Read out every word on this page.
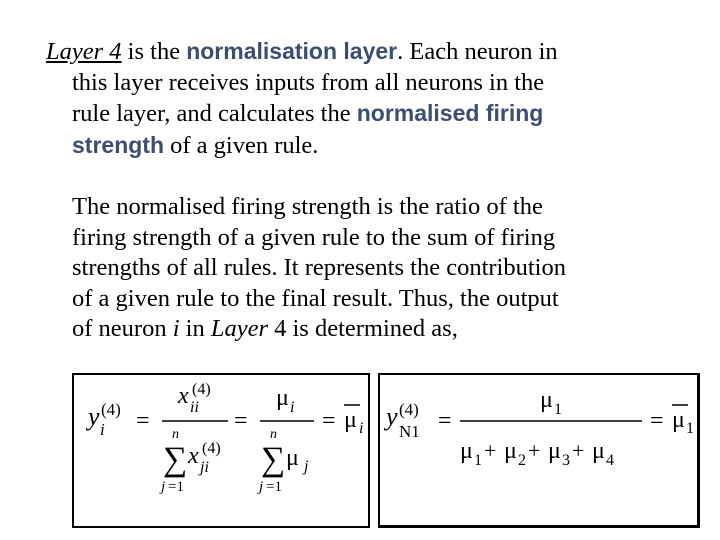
Layer 4 is the normalisation layer. Each neuron in
this layer receives inputs from all neurons in the
rule layer, and calculates the normalised firing
strength of a given rule.
The normalised firing strength is the ratio of the
firing strength of a given rule to the sum of firing
strengths of all rules. It represents the contribution
of a given rule to the final result. Thus, the output
of neuron i in Layer 4 is determined as,
y (4)
i =
x (4)
ii
n
∑
j =1
x (4)
ji
=
μ i
n
∑
j =1
μ j
= μ i y (4)
N1 =
μ 1
μ 1 + μ 2 + μ 3 + μ 4
= μ 1
